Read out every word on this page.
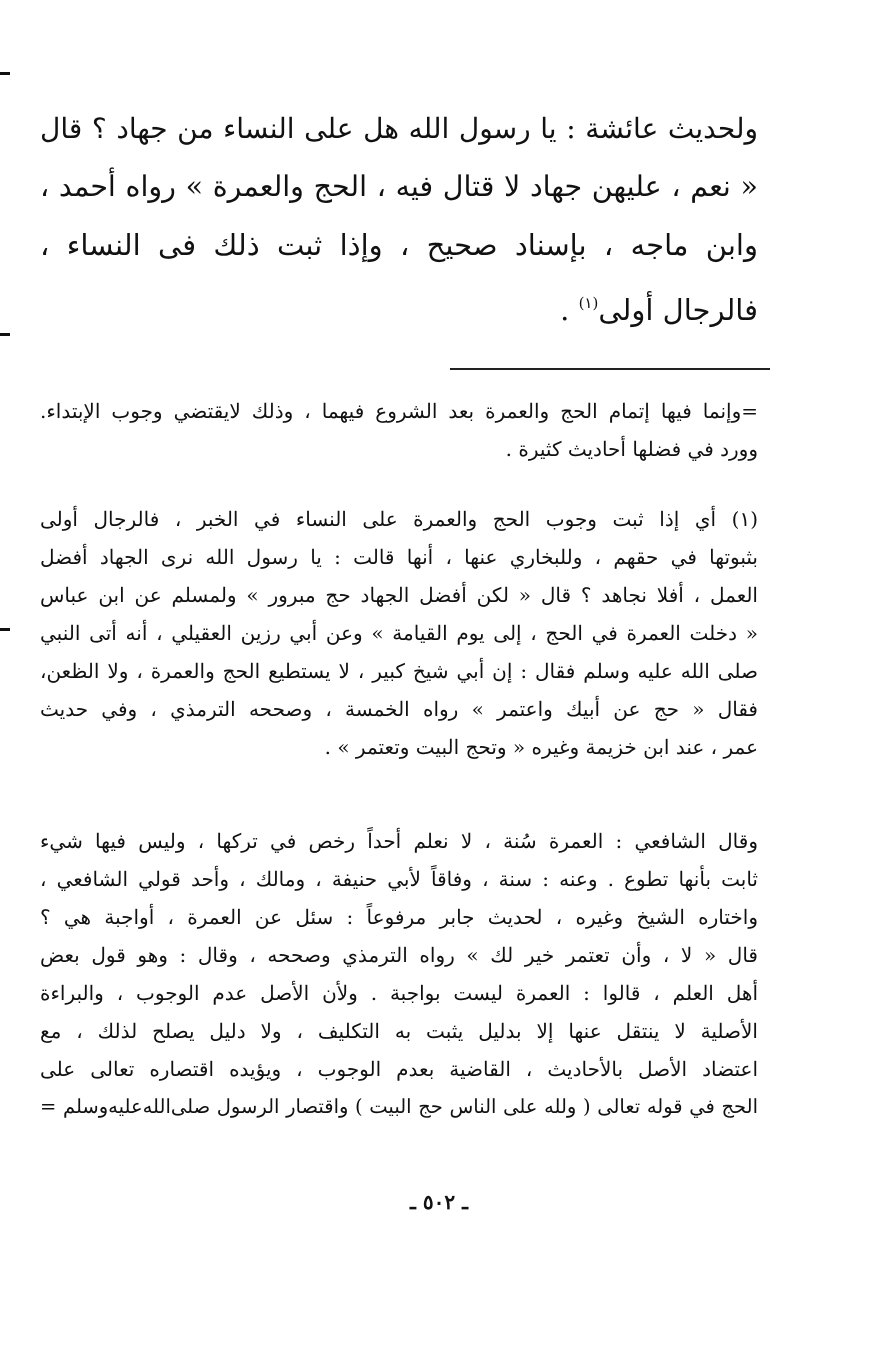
ولحديث عائشة : يا رسول الله هل على النساء من جهاد ؟ قال
« نعم ، عليهن جهاد لا قتال فيه ، الحج والعمرة » رواه أحمد ،
وابن ماجه ، بإسناد صحيح ، وإذا ثبت ذلك فى النساء ،
فالرجال أولى$^{(١)}$ .
=وإنما فيها إتمام الحج والعمرة بعد الشروع فيهما ، وذلك لايقتضي وجوب الإبتداء.
وورد في فضلها أحاديث كثيرة .
(١) أي إذا ثبت وجوب الحج والعمرة على النساء في الخبر ، فالرجال أولى
بثبوتها في حقهم ، وللبخاري عنها ، أنها قالت : يا رسول الله نرى الجهاد أفضل
العمل ، أفلا نجاهد ؟ قال « لكن أفضل الجهاد حج مبرور » ولمسلم عن ابن عباس
« دخلت العمرة في الحج ، إلى يوم القيامة » وعن أبي رزين العقيلي ، أنه أتى النبي
صلى الله عليه وسلم فقال : إن أبي شيخ كبير ، لا يستطيع الحج والعمرة ، ولا الظعن،
فقال « حج عن أبيك واعتمر » رواه الخمسة ، وصححه الترمذي ، وفي حديث
عمر ، عند ابن خزيمة وغيره « وتحج البيت وتعتمر » .
وقال الشافعي : العمرة سُنة ، لا نعلم أحداً رخص في تركها ، وليس فيها شيء
ثابت بأنها تطوع . وعنه : سنة ، وفاقاً لأبي حنيفة ، ومالك ، وأحد قولي الشافعي ،
واختاره الشيخ وغيره ، لحديث جابر مرفوعاً : سئل عن العمرة ، أواجبة هي ؟
قال « لا ، وأن تعتمر خير لك » رواه الترمذي وصححه ، وقال : وهو قول بعض
أهل العلم ، قالوا : العمرة ليست بواجبة . ولأن الأصل عدم الوجوب ، والبراءة
الأصلية لا ينتقل عنها إلا بدليل يثبت به التكليف ، ولا دليل يصلح لذلك ، مع
اعتضاد الأصل بالأحاديث ، القاضية بعدم الوجوب ، ويؤيده اقتصاره تعالى على
الحج في قوله تعالى ( ولله على الناس حج البيت ) واقتصار الرسول صلى‌الله‌عليه‌وسلم =
ـ ٥٠٢ ـ
